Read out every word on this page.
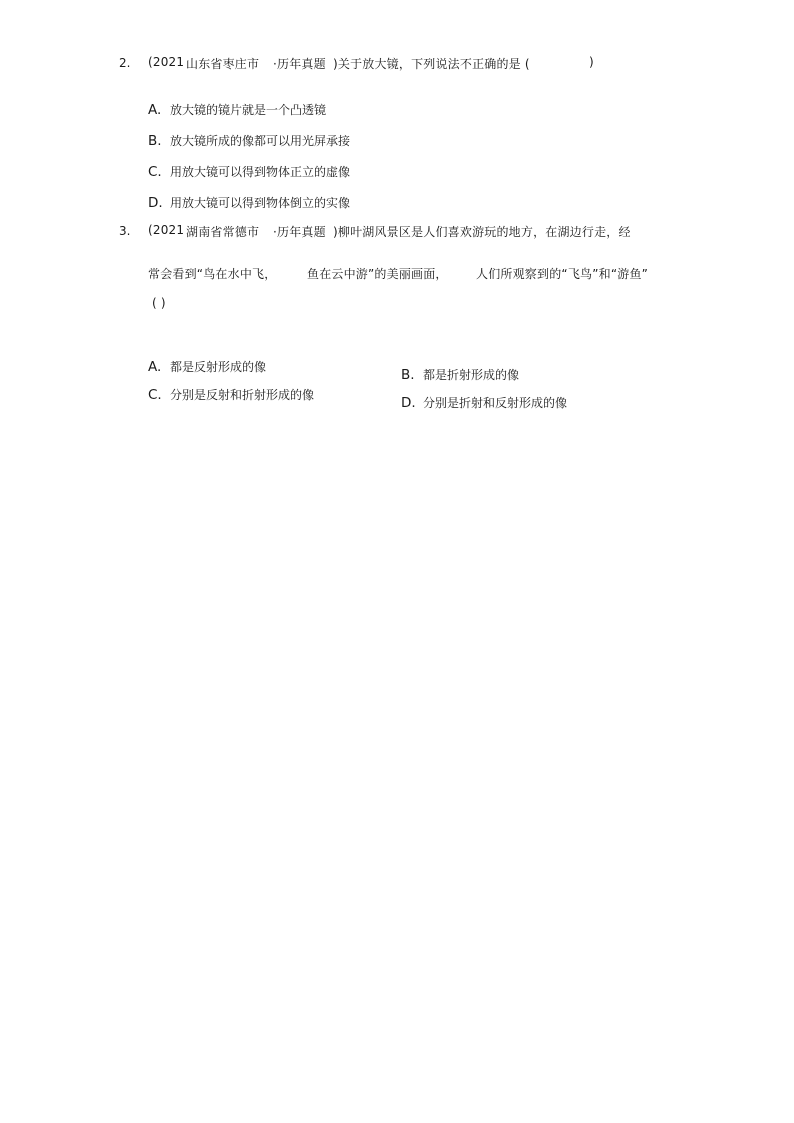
2. (2021 山东省枣庄市 ·历年真题 )关于放大镜，下列说法不正确的是 (	)
A. 放大镜的镜片就是一个凸透镜
B. 放大镜所成的像都可以用光屏承接
C. 用放大镜可以得到物体正立的虚像
D. 用放大镜可以得到物体倒立的实像
3. (2021 湖南省常德市 ·历年真题 )柳叶湖风景区是人们喜欢游玩的地方，在湖边行走，经
常会看到“鸟在水中飞，	鱼在云中游”的美丽画面， 人们所观察到的“飞鸟”和“游鱼”
( )
A. 都是反射形成的像	B. 都是折射形成的像
C. 分别是反射和折射形成的像	D. 分别是折射和反射形成的像
